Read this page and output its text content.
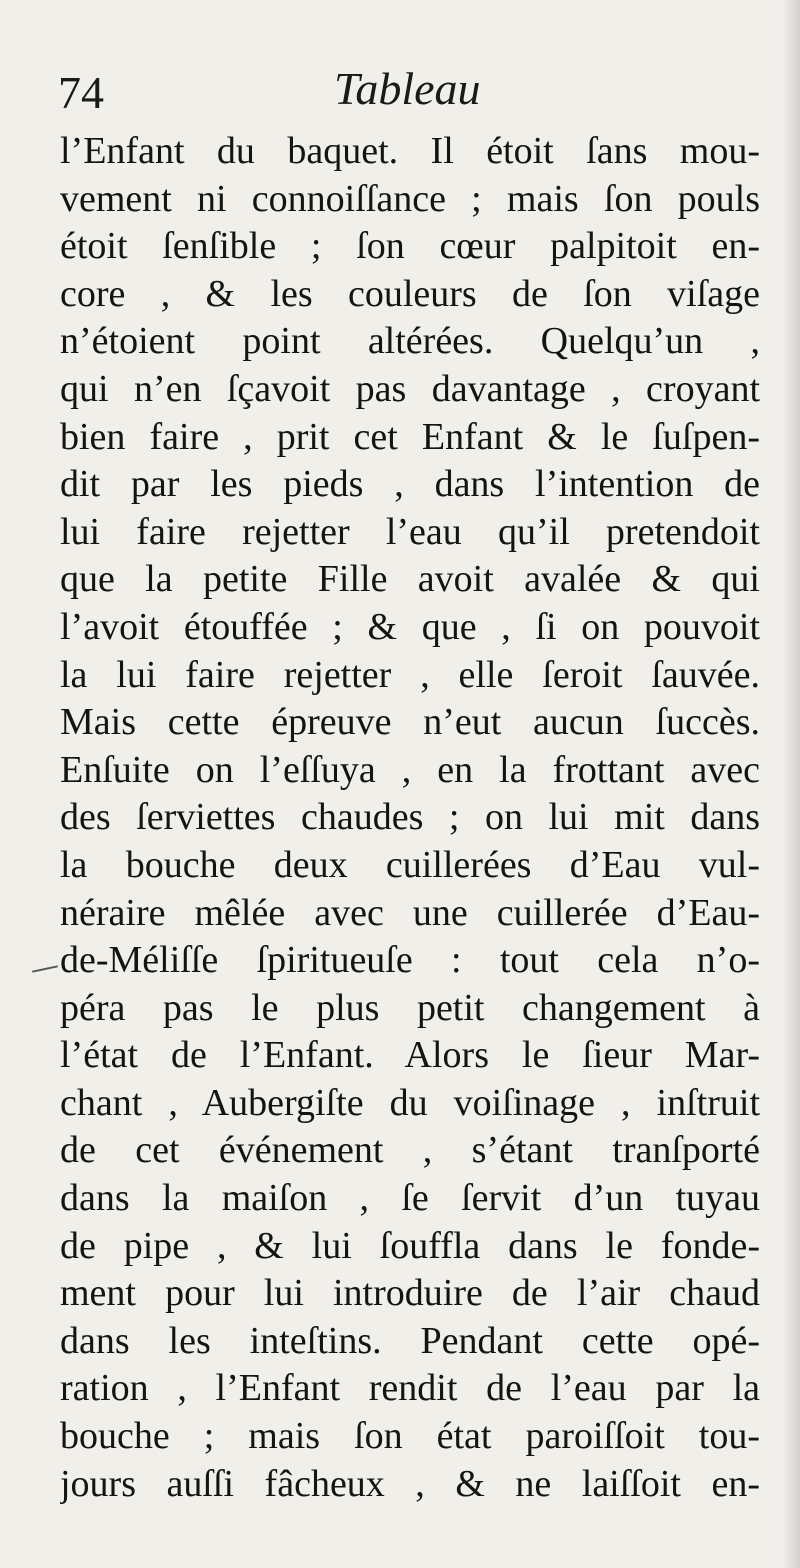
74	Tableau
l’Enfant du baquet. Il étoit ſans mou-
vement ni connoiſſance ; mais ſon pouls
étoit ſenſible ; ſon cœur palpitoit en-
core , & les couleurs de ſon viſage
n’étoient point altérées. Quelqu’un ,
qui n’en ſçavoit pas davantage , croyant
bien faire , prit cet Enfant & le ſuſpen-
dit par les pieds , dans l’intention de
lui faire rejetter l’eau qu’il pretendoit
que la petite Fille avoit avalée & qui
l’avoit étouffée ; & que , ſi on pouvoit
la lui faire rejetter , elle ſeroit ſauvée.
Mais cette épreuve n’eut aucun ſuccès.
Enſuite on l’eſſuya , en la frottant avec
des ſerviettes chaudes ; on lui mit dans
la bouche deux cuillerées d’Eau vul-
néraire mêlée avec une cuillerée d’Eau-
de-Méliſſe ſpiritueuſe : tout cela n’o-
péra pas le plus petit changement à
l’état de l’Enfant. Alors le ſieur Mar-
chant , Aubergiſte du voiſinage , inſtruit
de cet événement , s’étant tranſporté
dans la maiſon , ſe ſervit d’un tuyau
de pipe , & lui ſouffla dans le fonde-
ment pour lui introduire de l’air chaud
dans les inteſtins. Pendant cette opé-
ration , l’Enfant rendit de l’eau par la
bouche ; mais ſon état paroiſſoit tou-
jours auſſi fâcheux , & ne laiſſoit en-
